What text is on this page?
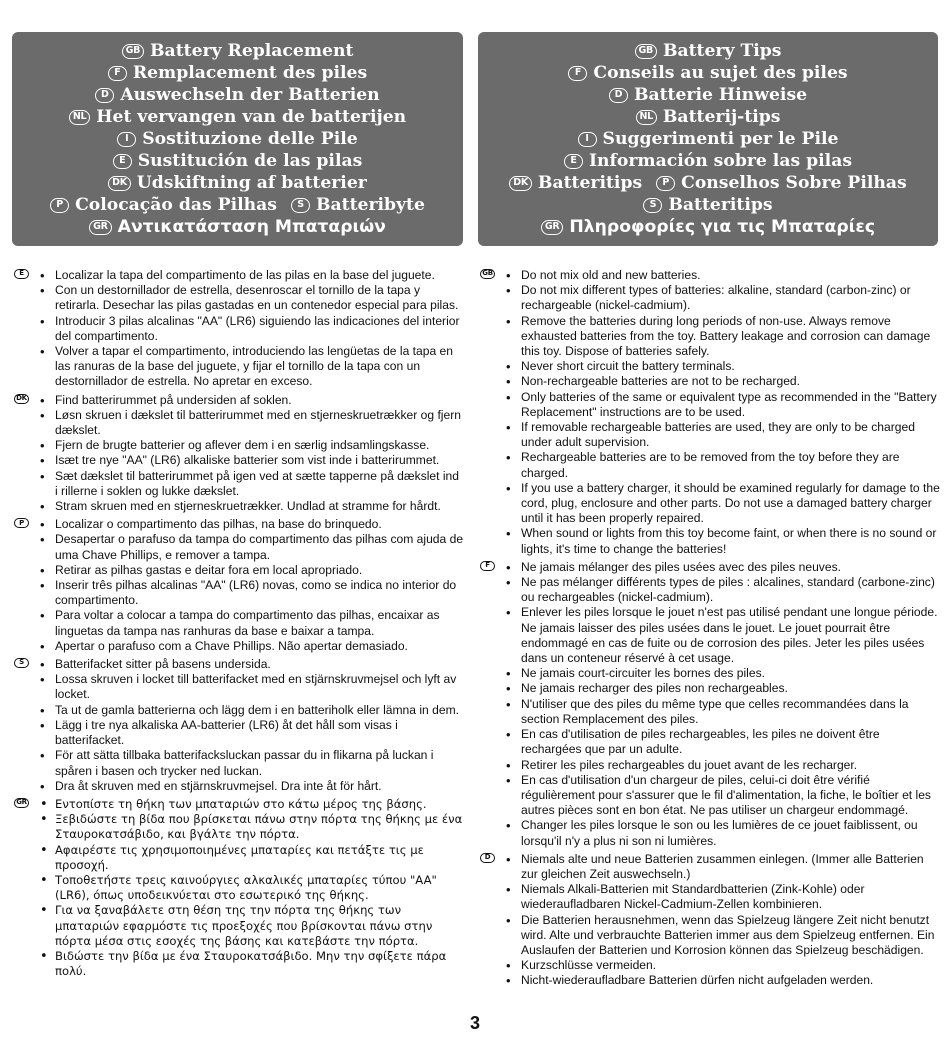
GB Battery Replacement
F Remplacement des piles
D Auswechseln der Batterien
NL Het vervangen van de batterijen
I Sostituzione delle Pile
E Sustitución de las pilas
DK Udskiftning af batterier
P Colocação das Pilhas	S Batteribyte
GR Αντικατάσταση Μπαταριών
GB Battery Tips
F Conseils au sujet des piles
D Batterie Hinweise
NL Batterij-tips
I Suggerimenti per le Pile
E Información sobre las pilas
DK Batteritips	P Conselhos Sobre Pilhas
S Batteritips
GR Πληροφορίες για τις Μπαταρίες
E	• Localizar la tapa del compartimento de las pilas en la base del juguete.
• Con un destornillador de estrella, desenroscar el tornillo de la tapa y retirarla. Desechar las pilas gastadas en un contenedor especial para pilas.
• Introducir 3 pilas alcalinas "AA" (LR6) siguiendo las indicaciones del interior del compartimento.
• Volver a tapar el compartimento, introduciendo las lengüetas de la tapa en las ranuras de la base del juguete, y fijar el tornillo de la tapa con un destornillador de estrella. No apretar en exceso.
DK	• Find batterirummet på undersiden af soklen.
• Løsn skruen i dækslet til batterirummet med en stjerneskruetrækker og fjern dækslet.
• Fjern de brugte batterier og aflever dem i en særlig indsamlingskasse.
• Isæt tre nye "AA" (LR6) alkaliske batterier som vist inde i batterirummet.
• Sæt dækslet til batterirummet på igen ved at sætte tapperne på dækslet ind i rillerne i soklen og lukke dækslet.
• Stram skruen med en stjerneskruetrækker. Undlad at stramme for hårdt.
P	• Localizar o compartimento das pilhas, na base do brinquedo.
• Desapertar o parafuso da tampa do compartimento das pilhas com ajuda de uma Chave Phillips, e remover a tampa.
• Retirar as pilhas gastas e deitar fora em local apropriado.
• Inserir três pilhas alcalinas "AA" (LR6) novas, como se indica no interior do compartimento.
• Para voltar a colocar a tampa do compartimento das pilhas, encaixar as linguetas da tampa nas ranhuras da base e baixar a tampa.
• Apertar o parafuso com a Chave Phillips. Não apertar demasiado.
S	• Batterifacket sitter på basens undersida.
• Lossa skruven i locket till batterifacket med en stjärnskruvmejsel och lyft av locket.
• Ta ut de gamla batterierna och lägg dem i en batteriholk eller lämna in dem.
• Lägg i tre nya alkaliska AA-batterier (LR6) åt det håll som visas i batterifacket.
• För att sätta tillbaka batterifacksluckan passar du in flikarna på luckan i spåren i basen och trycker ned luckan.
• Dra åt skruven med en stjärnskruvmejsel. Dra inte åt för hårt.
GR	• Εντοπίστε τη θήκη των μπαταριών στο κάτω μέρος της βάσης.
• Ξεβιδώστε τη βίδα που βρίσκεται πάνω στην πόρτα της θήκης με ένα Σταυροκατσάβιδο, και βγάλτε την πόρτα.
• Αφαιρέστε τις χρησιμοποιημένες μπαταρίες και πετάξτε τις με προσοχή.
• Τοποθετήστε τρεις καινούργιες αλκαλικές μπαταρίες τύπου "AA" (LR6), όπως υποδεικνύεται στο εσωτερικό της θήκης.
• Για να ξαναβάλετε στη θέση της την πόρτα της θήκης των μπαταριών εφαρμόστε τις προεξοχές που βρίσκονται πάνω στην πόρτα μέσα στις εσοχές της βάσης και κατεβάστε την πόρτα.
• Βιδώστε την βίδα με ένα Σταυροκατσάβιδο. Μην την σφίξετε πάρα πολύ.
GB	• Do not mix old and new batteries.
• Do not mix different types of batteries: alkaline, standard (carbon-zinc) or rechargeable (nickel-cadmium).
• Remove the batteries during long periods of non-use. Always remove exhausted batteries from the toy. Battery leakage and corrosion can damage this toy. Dispose of batteries safely.
• Never short circuit the battery terminals.
• Non-rechargeable batteries are not to be recharged.
• Only batteries of the same or equivalent type as recommended in the "Battery Replacement" instructions are to be used.
• If removable rechargeable batteries are used, they are only to be charged under adult supervision.
• Rechargeable batteries are to be removed from the toy before they are charged.
• If you use a battery charger, it should be examined regularly for damage to the cord, plug, enclosure and other parts. Do not use a damaged battery charger until it has been properly repaired.
• When sound or lights from this toy become faint, or when there is no sound or lights, it's time to change the batteries!
F	• Ne jamais mélanger des piles usées avec des piles neuves.
• Ne pas mélanger différents types de piles : alcalines, standard (carbone-zinc) ou rechargeables (nickel-cadmium).
• Enlever les piles lorsque le jouet n'est pas utilisé pendant une longue période. Ne jamais laisser des piles usées dans le jouet. Le jouet pourrait être endommagé en cas de fuite ou de corrosion des piles. Jeter les piles usées dans un conteneur réservé à cet usage.
• Ne jamais court-circuiter les bornes des piles.
• Ne jamais recharger des piles non rechargeables.
• N'utiliser que des piles du même type que celles recommandées dans la section Remplacement des piles.
• En cas d'utilisation de piles rechargeables, les piles ne doivent être rechargées que par un adulte.
• Retirer les piles rechargeables du jouet avant de les recharger.
• En cas d'utilisation d'un chargeur de piles, celui-ci doit être vérifié régulièrement pour s'assurer que le fil d'alimentation, la fiche, le boîtier et les autres pièces sont en bon état. Ne pas utiliser un chargeur endommagé.
• Changer les piles lorsque le son ou les lumières de ce jouet faiblissent, ou lorsqu'il n'y a plus ni son ni lumières.
D	• Niemals alte und neue Batterien zusammen einlegen. (Immer alle Batterien zur gleichen Zeit auswechseln.)
• Niemals Alkali-Batterien mit Standardbatterien (Zink-Kohle) oder wiederaufladbaren Nickel-Cadmium-Zellen kombinieren.
• Die Batterien herausnehmen, wenn das Spielzeug längere Zeit nicht benutzt wird. Alte und verbrauchte Batterien immer aus dem Spielzeug entfernen. Ein Auslaufen der Batterien und Korrosion können das Spielzeug beschädigen.
• Kurzschlüsse vermeiden.
• Nicht-wiederaufladbare Batterien dürfen nicht aufgeladen werden.
3
